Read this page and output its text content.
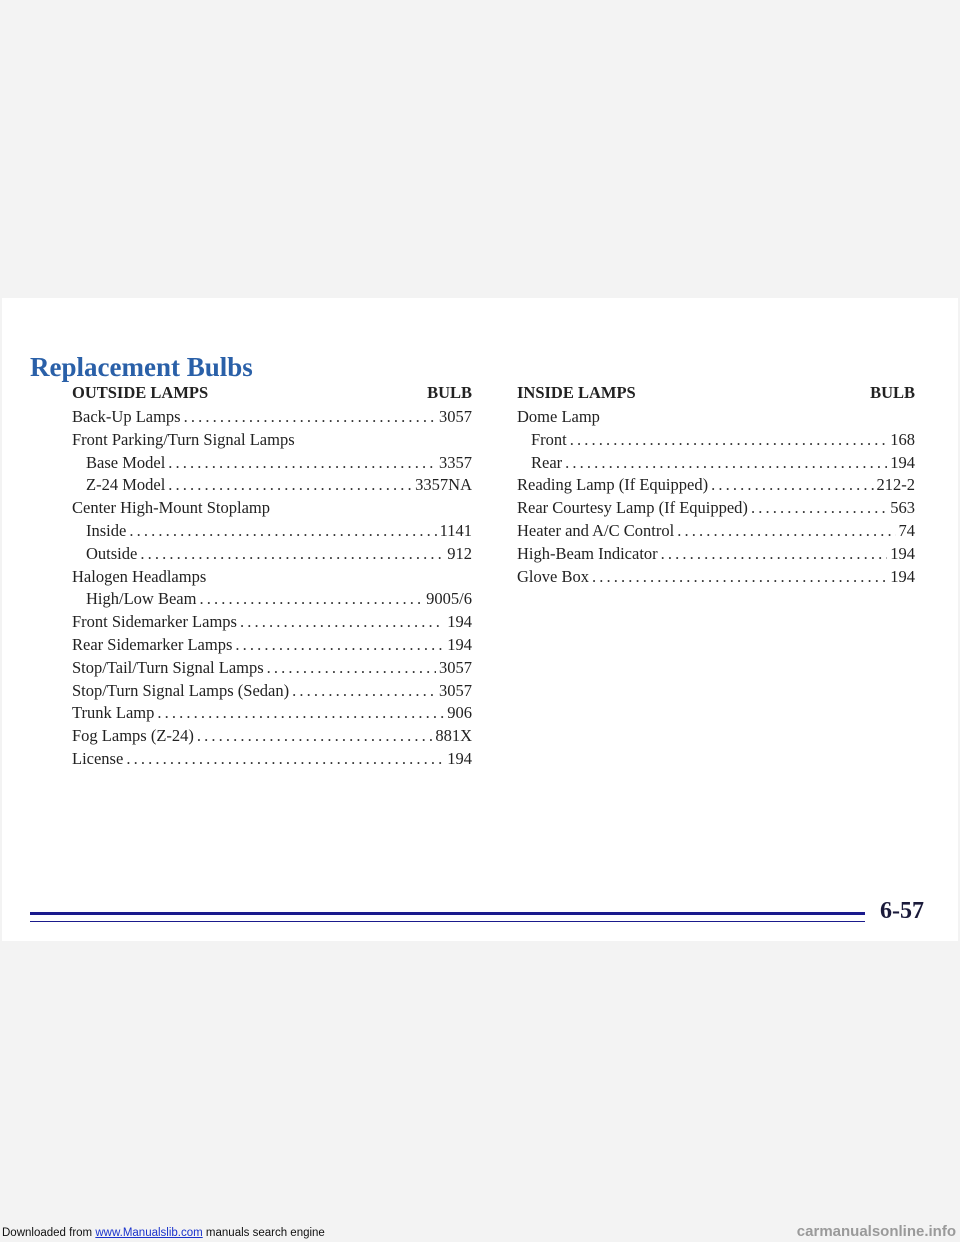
Replacement Bulbs
OUTSIDE LAMPS	BULB
Back-Up Lamps . . .	3057
Front Parking/Turn Signal Lamps
Base Model . . .	3357
Z-24 Model . . .	3357NA
Center High-Mount Stoplamp
Inside . . .	1141
Outside . . .	912
Halogen Headlamps
High/Low Beam . . .	9005/6
Front Sidemarker Lamps . . .	194
Rear Sidemarker Lamps . . .	194
Stop/Tail/Turn Signal Lamps . . .	3057
Stop/Turn Signal Lamps (Sedan) . . .	3057
Trunk Lamp . . .	906
Fog Lamps (Z-24) . . .	881X
License . . .	194
INSIDE LAMPS	BULB
Dome Lamp
Front . . .	168
Rear . . .	194
Reading Lamp (If Equipped) . . .	212-2
Rear Courtesy Lamp (If Equipped) . . .	563
Heater and A/C Control . . .	74
High-Beam Indicator . . .	194
Glove Box . . .	194
6-57
Downloaded from www.Manualslib.com manuals search engine	carmanualsonline.info
